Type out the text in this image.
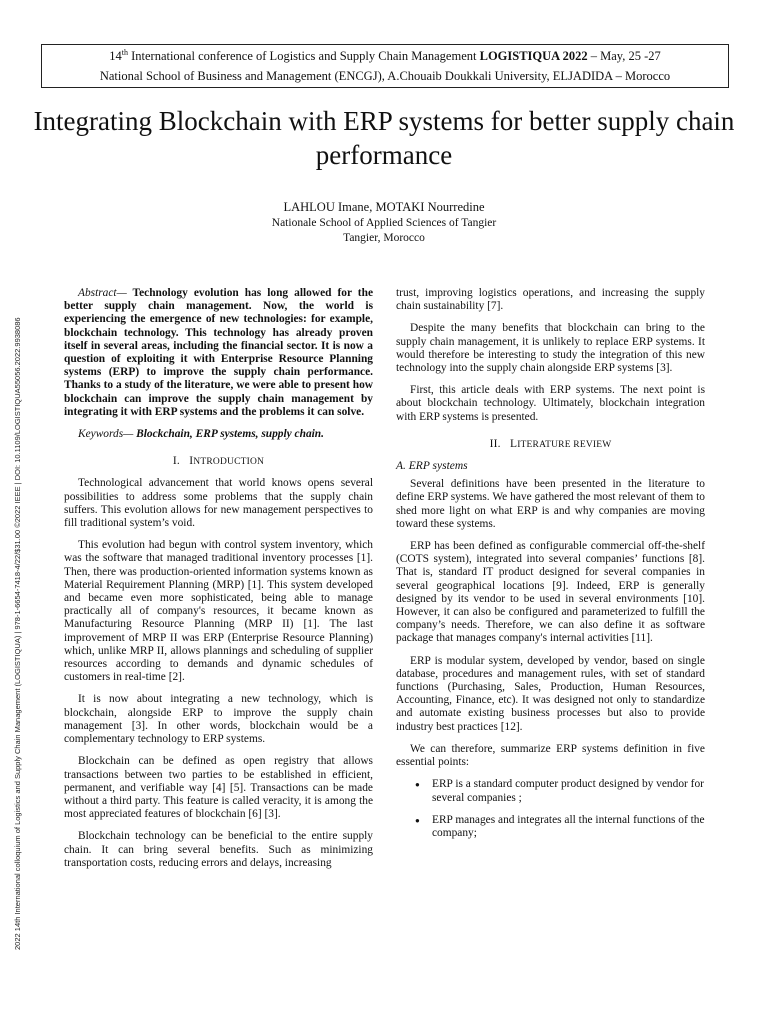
14th International conference of Logistics and Supply Chain Management LOGISTIQUA 2022 – May, 25 -27
National School of Business and Management (ENCGJ), A.Chouaib Doukkali University, ELJADIDA – Morocco
Integrating Blockchain with ERP systems for better supply chain performance
LAHLOU Imane, MOTAKI Nourredine
Nationale School of Applied Sciences of Tangier
Tangier, Morocco
2022 14th International colloquium of Logistics and Supply Chain Management (LOGISTIQUA) | 978-1-6654-7418-4/22/$31.00 ©2022 IEEE | DOI: 10.1109/LOGISTIQUA55056.2022.9938086

Abstract— Technology evolution has long allowed for the better supply chain management. Now, the world is experiencing the emergence of new technologies: for example, blockchain technology. This technology has already proven itself in several areas, including the financial sector. It is now a question of exploiting it with Enterprise Resource Planning systems (ERP) to improve the supply chain performance. Thanks to a study of the literature, we were able to present how blockchain can improve the supply chain management by integrating it with ERP systems and the problems it can solve.

Keywords— Blockchain, ERP systems, supply chain.

I. INTRODUCTION

Technological advancement that world knows opens several possibilities to address some problems that the supply chain suffers. This evolution allows for new management perspectives to fill traditional system’s void.

This evolution had begun with control system inventory, which was the software that managed traditional inventory processes [1]. Then, there was production-oriented information systems known as Material Requirement Planning (MRP) [1]. This system developed and became even more sophisticated, being able to manage practically all of company's resources, it became known as Manufacturing Resource Planning (MRP II) [1]. The last improvement of MRP II was ERP (Enterprise Resource Planning) which, unlike MRP II, allows plannings and scheduling of supplier resources according to demands and dynamic schedules of customers in real-time [2].

It is now about integrating a new technology, which is blockchain, alongside ERP to improve the supply chain management [3]. In other words, blockchain would be a complementary technology to ERP systems.

Blockchain can be defined as open registry that allows transactions between two parties to be established in efficient, permanent, and verifiable way [4] [5]. Transactions can be made without a third party. This feature is called veracity, it is among the most appreciated features of blockchain [6] [3].

Blockchain technology can be beneficial to the entire supply chain. It can bring several benefits. Such as minimizing transportation costs, reducing errors and delays, increasing

trust, improving logistics operations, and increasing the supply chain sustainability [7].

Despite the many benefits that blockchain can bring to the supply chain management, it is unlikely to replace ERP systems. It would therefore be interesting to study the integration of this new technology into the supply chain alongside ERP systems [3].

First, this article deals with ERP systems. The next point is about blockchain technology. Ultimately, blockchain integration with ERP systems is presented.

II. LITERATURE REVIEW
A. ERP systems

Several definitions have been presented in the literature to define ERP systems. We have gathered the most relevant of them to shed more light on what ERP is and why companies are moving toward these systems.

ERP has been defined as configurable commercial off-the-shelf (COTS system), integrated into several companies’ functions [8]. That is, standard IT product designed for several companies in several geographical locations [9]. Indeed, ERP is generally designed by its vendor to be used in several environments [10]. However, it can also be configured and parameterized to fulfill the company’s needs. Therefore, we can also define it as software package that manages company's internal activities [11].

ERP is modular system, developed by vendor, based on single database, procedures and management rules, with set of standard functions (Purchasing, Sales, Production, Human Resources, Accounting, Finance, etc). It was designed not only to standardize and automate existing business processes but also to provide industry best practices [12].

We can therefore, summarize ERP systems definition in five essential points:

● ERP is a standard computer product designed by vendor for several companies ;
● ERP manages and integrates all the internal functions of the company;
